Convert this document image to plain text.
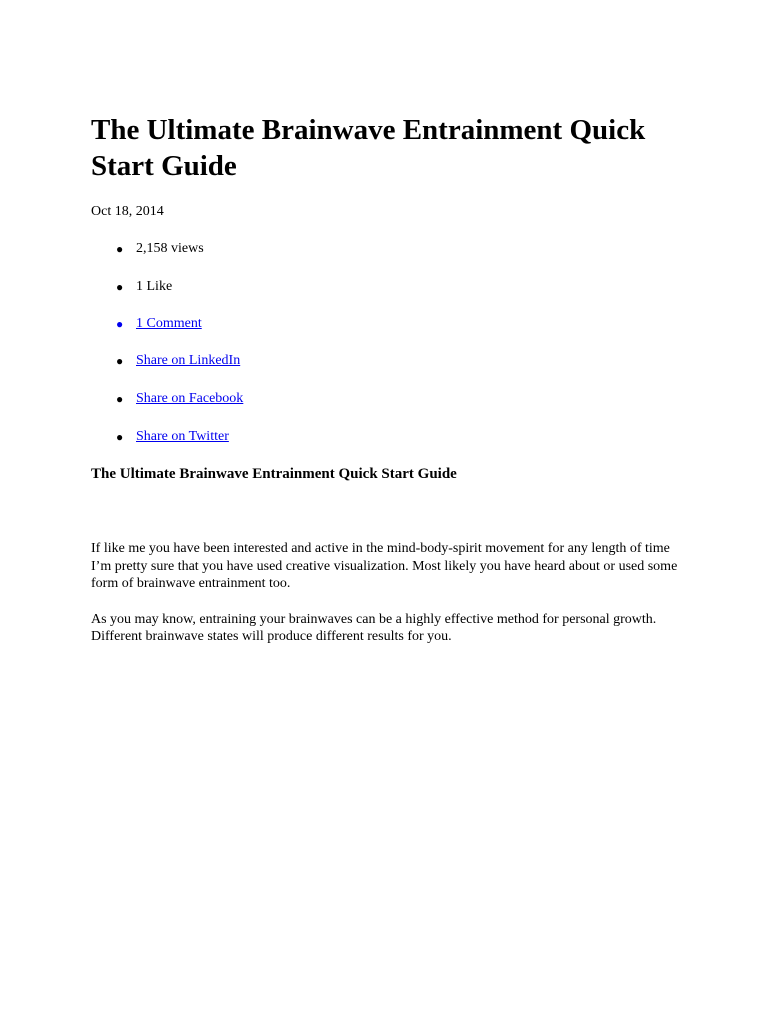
The Ultimate Brainwave Entrainment Quick Start Guide
Oct 18, 2014
● 2,158 views
● 1 Like
● 1 Comment
● Share on LinkedIn
● Share on Facebook
● Share on Twitter
The Ultimate Brainwave Entrainment Quick Start Guide

If like me you have been interested and active in the mind-body-spirit movement for any length of time I’m pretty sure that you have used creative visualization. Most likely you have heard about or used some form of brainwave entrainment too.

As you may know, entraining your brainwaves can be a highly effective method for personal growth. Different brainwave states will produce different results for you.
